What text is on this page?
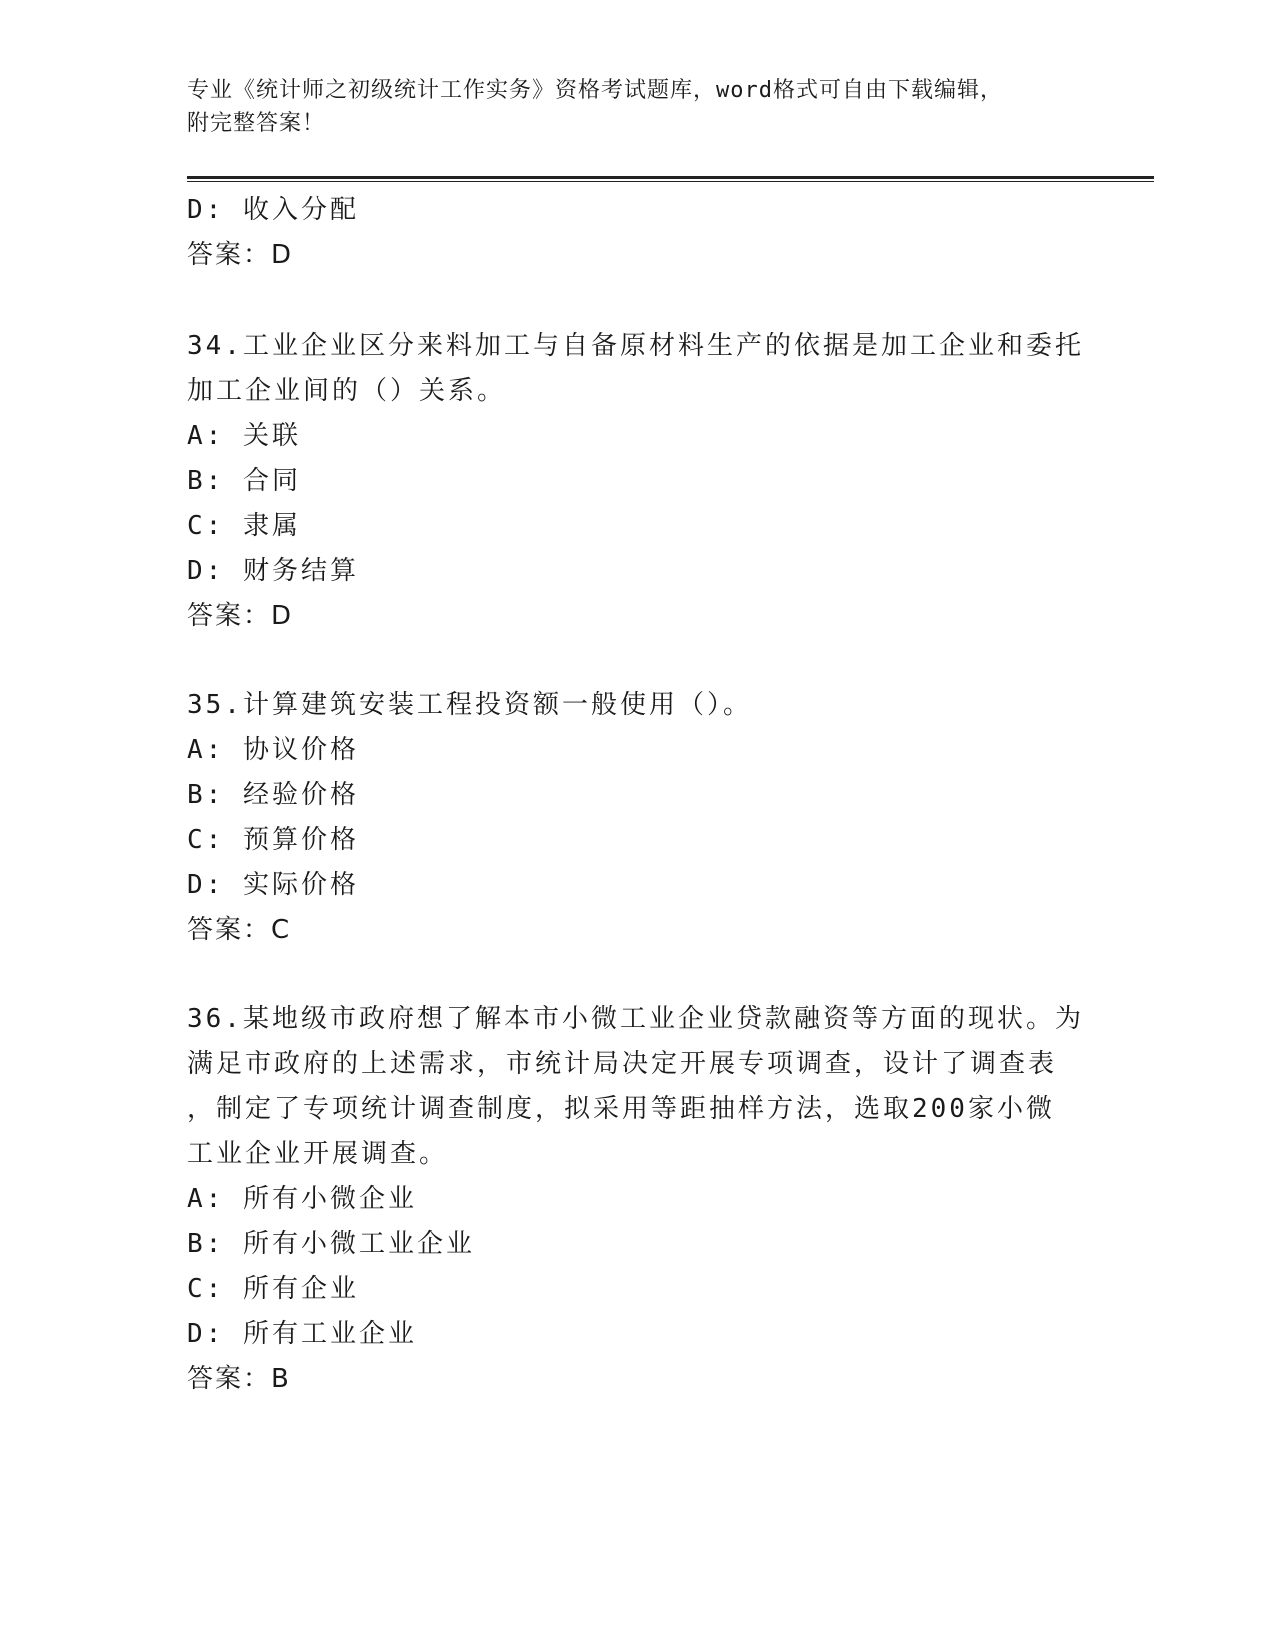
专业《统计师之初级统计工作实务》资格考试题库，word格式可自由下载编辑，
附完整答案！
D: 收入分配
答案：D
34.工业企业区分来料加工与自备原材料生产的依据是加工企业和委托
加工企业间的（）关系。
A: 关联
B: 合同
C: 隶属
D: 财务结算
答案：D
35.计算建筑安装工程投资额一般使用（）。
A: 协议价格
B: 经验价格
C: 预算价格
D: 实际价格
答案：C
36.某地级市政府想了解本市小微工业企业贷款融资等方面的现状。为
满足市政府的上述需求，市统计局决定开展专项调查，设计了调查表
，制定了专项统计调查制度，拟采用等距抽样方法，选取200家小微
工业企业开展调查。
A: 所有小微企业
B: 所有小微工业企业
C: 所有企业
D: 所有工业企业
答案：B
